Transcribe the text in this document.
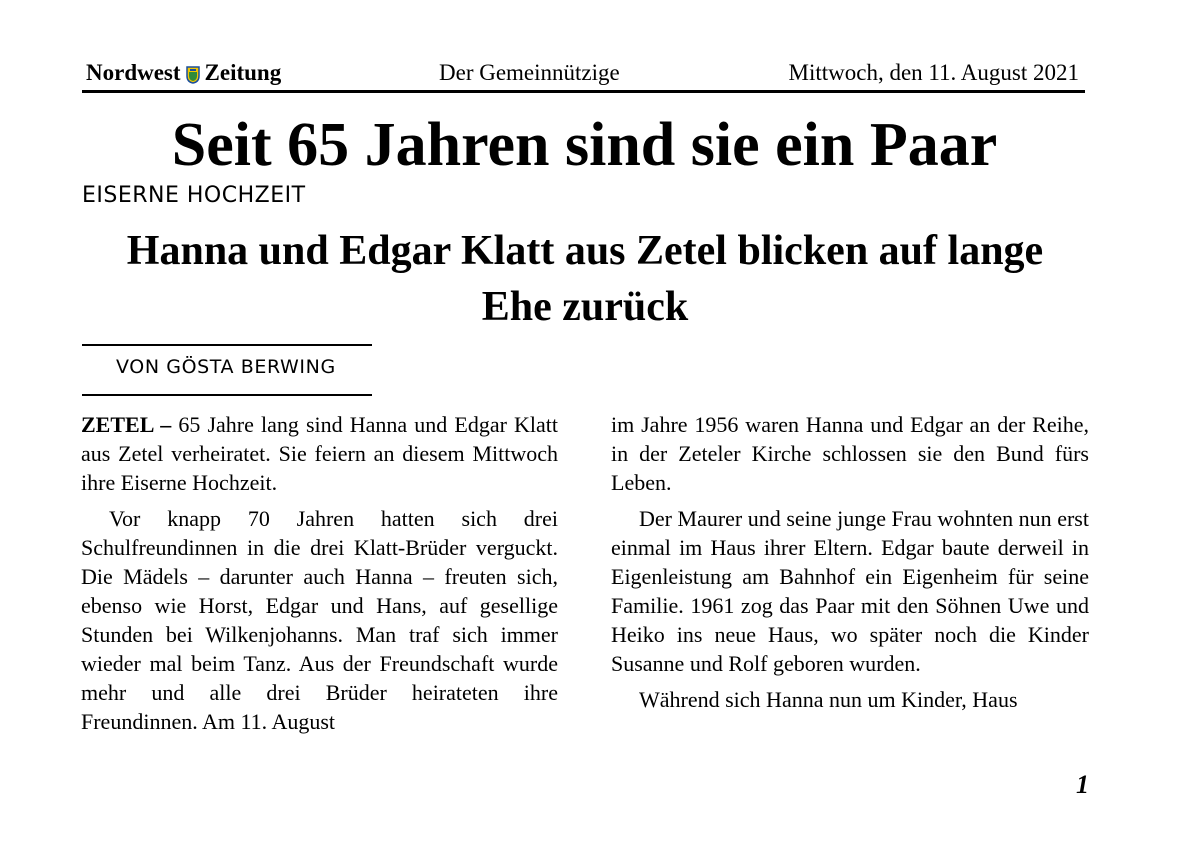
Nordwest Zeitung	Der Gemeinnützige	Mittwoch, den 11. August 2021
Seit 65 Jahren sind sie ein Paar
EISERNE HOCHZEIT
Hanna und Edgar Klatt aus Zetel blicken auf lange Ehe zurück
VON GÖSTA BERWING

ZETEL – 65 Jahre lang sind Hanna und Edgar Klatt aus Zetel verheiratet. Sie feiern an diesem Mittwoch ihre Eiserne Hochzeit.

Vor knapp 70 Jahren hatten sich drei Schulfreundinnen in die drei Klatt-Brüder verguckt. Die Mädels – darunter auch Hanna – freuten sich, ebenso wie Horst, Edgar und Hans, auf gesellige Stunden bei Wilkenjohanns. Man traf sich immer wieder mal beim Tanz. Aus der Freundschaft wurde mehr und alle drei Brüder heirateten ihre Freundinnen. Am 11. August

im Jahre 1956 waren Hanna und Edgar an der Reihe, in der Zeteler Kirche schlossen sie den Bund fürs Leben.

Der Maurer und seine junge Frau wohnten nun erst einmal im Haus ihrer Eltern. Edgar baute derweil in Eigenleistung am Bahnhof ein Eigenheim für seine Familie. 1961 zog das Paar mit den Söhnen Uwe und Heiko ins neue Haus, wo später noch die Kinder Susanne und Rolf geboren wurden.

Während sich Hanna nun um Kinder, Haus

1
